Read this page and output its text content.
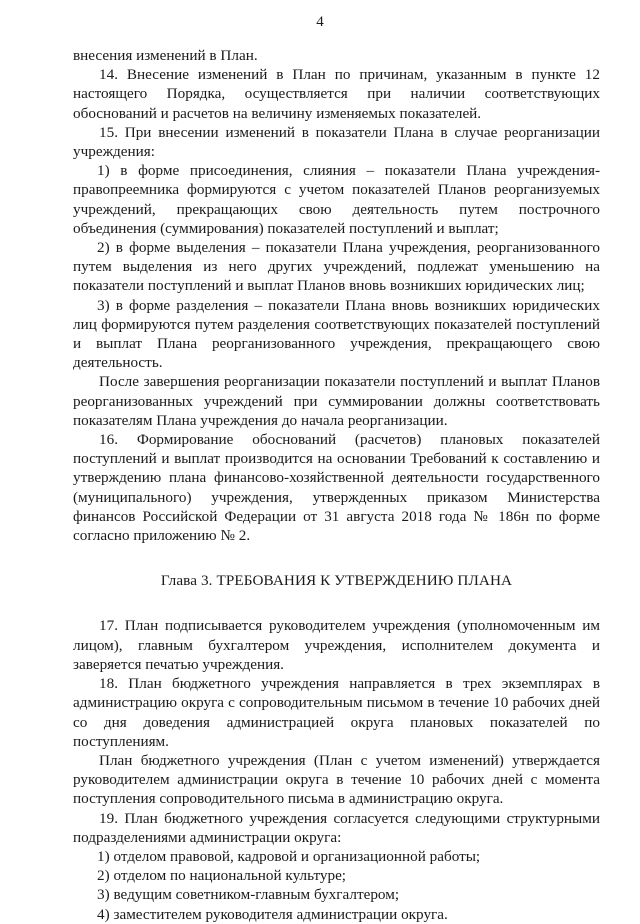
4

внесения изменений в План.

14. Внесение изменений в План по причинам, указанным в пункте 12 настоящего Порядка, осуществляется при наличии соответствующих обоснований и расчетов на величину изменяемых показателей.

15. При внесении изменений в показатели Плана в случае реорганизации учреждения:

1) в форме присоединения, слияния – показатели Плана учреждения-правопреемника формируются с учетом показателей Планов реорганизуемых учреждений, прекращающих свою деятельность путем построчного объединения (суммирования) показателей поступлений и выплат;

2) в форме выделения – показатели Плана учреждения, реорганизованного путем выделения из него других учреждений, подлежат уменьшению на показатели поступлений и выплат Планов вновь возникших юридических лиц;

3) в форме разделения – показатели Плана вновь возникших юридических лиц формируются путем разделения соответствующих показателей поступлений и выплат Плана реорганизованного учреждения, прекращающего свою деятельность.

После завершения реорганизации показатели поступлений и выплат Планов реорганизованных учреждений при суммировании должны соответствовать показателям Плана учреждения до начала реорганизации.

16. Формирование обоснований (расчетов) плановых показателей поступлений и выплат производится на основании Требований к составлению и утверждению плана финансово-хозяйственной деятельности государственного (муниципального) учреждения, утвержденных приказом Министерства финансов Российской Федерации от 31 августа 2018 года № 186н по форме согласно приложению № 2.

Глава 3. ТРЕБОВАНИЯ К УТВЕРЖДЕНИЮ ПЛАНА

17. План подписывается руководителем учреждения (уполномоченным им лицом), главным бухгалтером учреждения, исполнителем документа и заверяется печатью учреждения.

18. План бюджетного учреждения направляется в трех экземплярах в администрацию округа с сопроводительным письмом в течение 10 рабочих дней со дня доведения администрацией округа плановых показателей по поступлениям.

План бюджетного учреждения (План с учетом изменений) утверждается руководителем администрации округа в течение 10 рабочих дней с момента поступления сопроводительного письма в администрацию округа.

19. План бюджетного учреждения согласуется следующими структурными подразделениями администрации округа:

1) отделом правовой, кадровой и организационной работы;

2) отделом по национальной культуре;

3) ведущим советником-главным бухгалтером;

4) заместителем руководителя администрации округа.
